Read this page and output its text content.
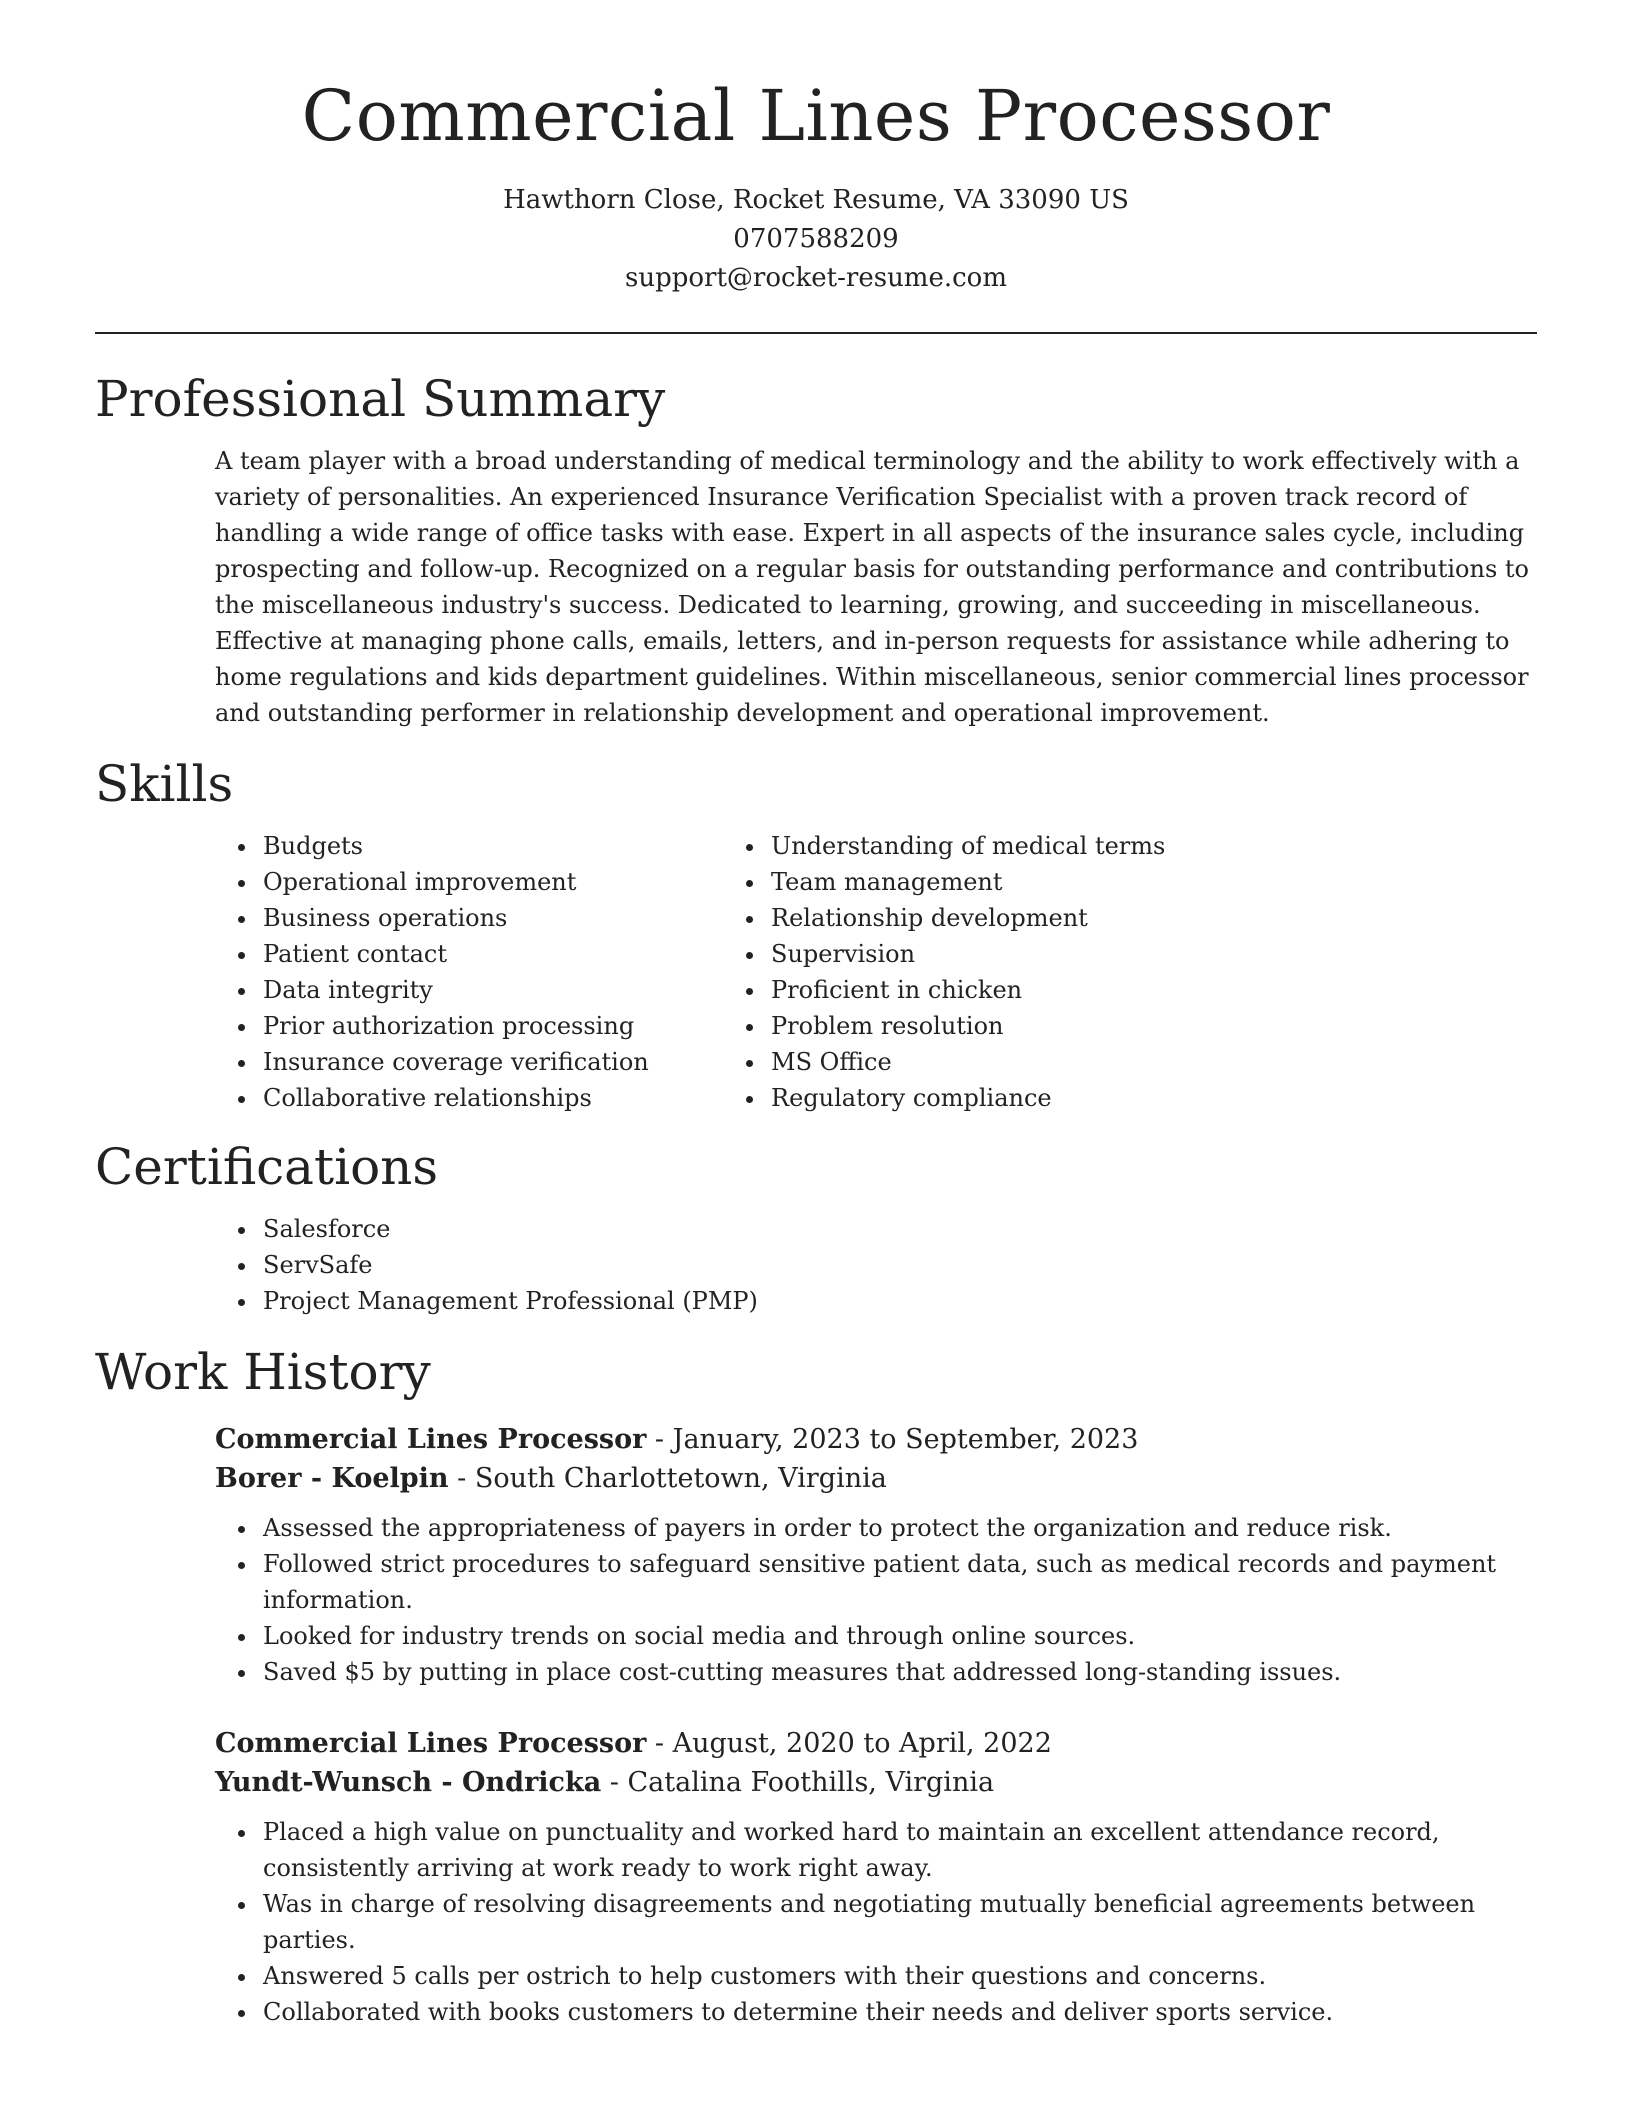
Commercial Lines Processor

Hawthorn Close, Rocket Resume, VA 33090 US

0707588209

support@rocket-resume.com

Professional Summary

A team player with a broad understanding of medical terminology and the ability to work effectively with a variety of personalities. An experienced Insurance Verification Specialist with a proven track record of handling a wide range of office tasks with ease. Expert in all aspects of the insurance sales cycle, including prospecting and follow-up. Recognized on a regular basis for outstanding performance and contributions to the miscellaneous industry's success. Dedicated to learning, growing, and succeeding in miscellaneous. Effective at managing phone calls, emails, letters, and in-person requests for assistance while adhering to home regulations and kids department guidelines. Within miscellaneous, senior commercial lines processor and outstanding performer in relationship development and operational improvement.

Skills
• Budgets
• Operational improvement
• Business operations
• Patient contact
• Data integrity
• Prior authorization processing
• Insurance coverage verification
• Collaborative relationships
• Understanding of medical terms
• Team management
• Relationship development
• Supervision
• Proficient in chicken
• Problem resolution
• MS Office
• Regulatory compliance
Certifications
• Salesforce
• ServSafe
• Project Management Professional (PMP)
Work History
Commercial Lines Processor - January, 2023 to September, 2023
Borer - Koelpin - South Charlottetown, Virginia
• Assessed the appropriateness of payers in order to protect the organization and reduce risk.
• Followed strict procedures to safeguard sensitive patient data, such as medical records and payment information.
• Looked for industry trends on social media and through online sources.
• Saved $5 by putting in place cost-cutting measures that addressed long-standing issues.
Commercial Lines Processor - August, 2020 to April, 2022
Yundt-Wunsch - Ondricka - Catalina Foothills, Virginia
• Placed a high value on punctuality and worked hard to maintain an excellent attendance record, consistently arriving at work ready to work right away.
• Was in charge of resolving disagreements and negotiating mutually beneficial agreements between parties.
• Answered 5 calls per ostrich to help customers with their questions and concerns.
• Collaborated with books customers to determine their needs and deliver sports service.
